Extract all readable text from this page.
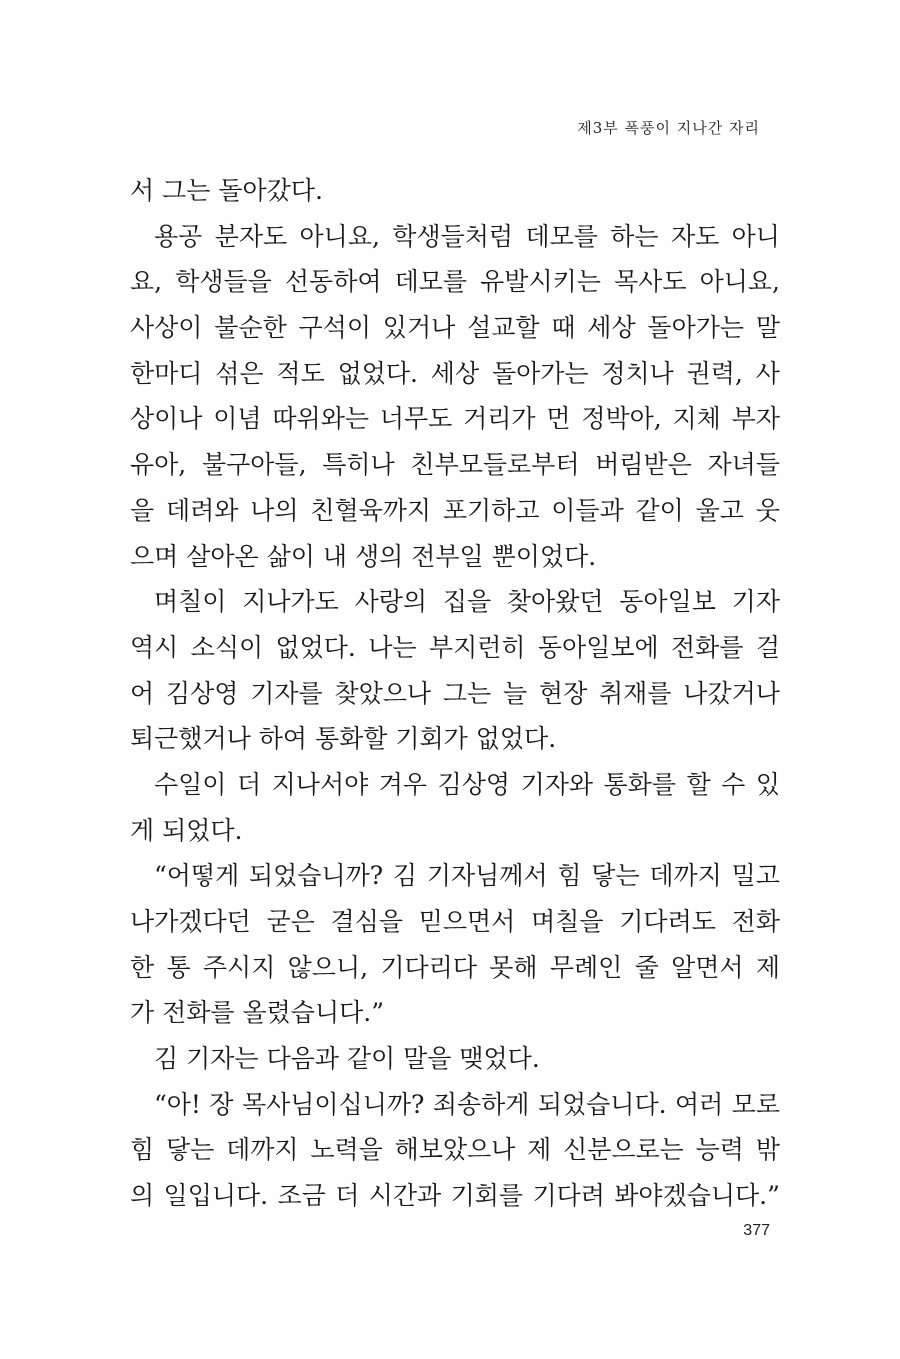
제3부 폭풍이 지나간 자리
서 그는 돌아갔다.
용공 분자도 아니요, 학생들처럼 데모를 하는 자도 아니
요, 학생들을 선동하여 데모를 유발시키는 목사도 아니요,
사상이 불순한 구석이 있거나 설교할 때 세상 돌아가는 말
한마디 섞은 적도 없었다. 세상 돌아가는 정치나 권력, 사
상이나 이념 따위와는 너무도 거리가 먼 정박아, 지체 부자
유아, 불구아들, 특히나 친부모들로부터 버림받은 자녀들
을 데려와 나의 친혈육까지 포기하고 이들과 같이 울고 웃
으며 살아온 삶이 내 생의 전부일 뿐이었다.
며칠이 지나가도 사랑의 집을 찾아왔던 동아일보 기자
역시 소식이 없었다. 나는 부지런히 동아일보에 전화를 걸
어 김상영 기자를 찾았으나 그는 늘 현장 취재를 나갔거나
퇴근했거나 하여 통화할 기회가 없었다.
수일이 더 지나서야 겨우 김상영 기자와 통화를 할 수 있
게 되었다.
“어떻게 되었습니까? 김 기자님께서 힘 닿는 데까지 밀고
나가겠다던 굳은 결심을 믿으면서 며칠을 기다려도 전화
한 통 주시지 않으니, 기다리다 못해 무례인 줄 알면서 제
가 전화를 올렸습니다.”
김 기자는 다음과 같이 말을 맺었다.
“아! 장 목사님이십니까? 죄송하게 되었습니다. 여러 모로
힘 닿는 데까지 노력을 해보았으나 제 신분으로는 능력 밖
의 일입니다. 조금 더 시간과 기회를 기다려 봐야겠습니다.”
377
